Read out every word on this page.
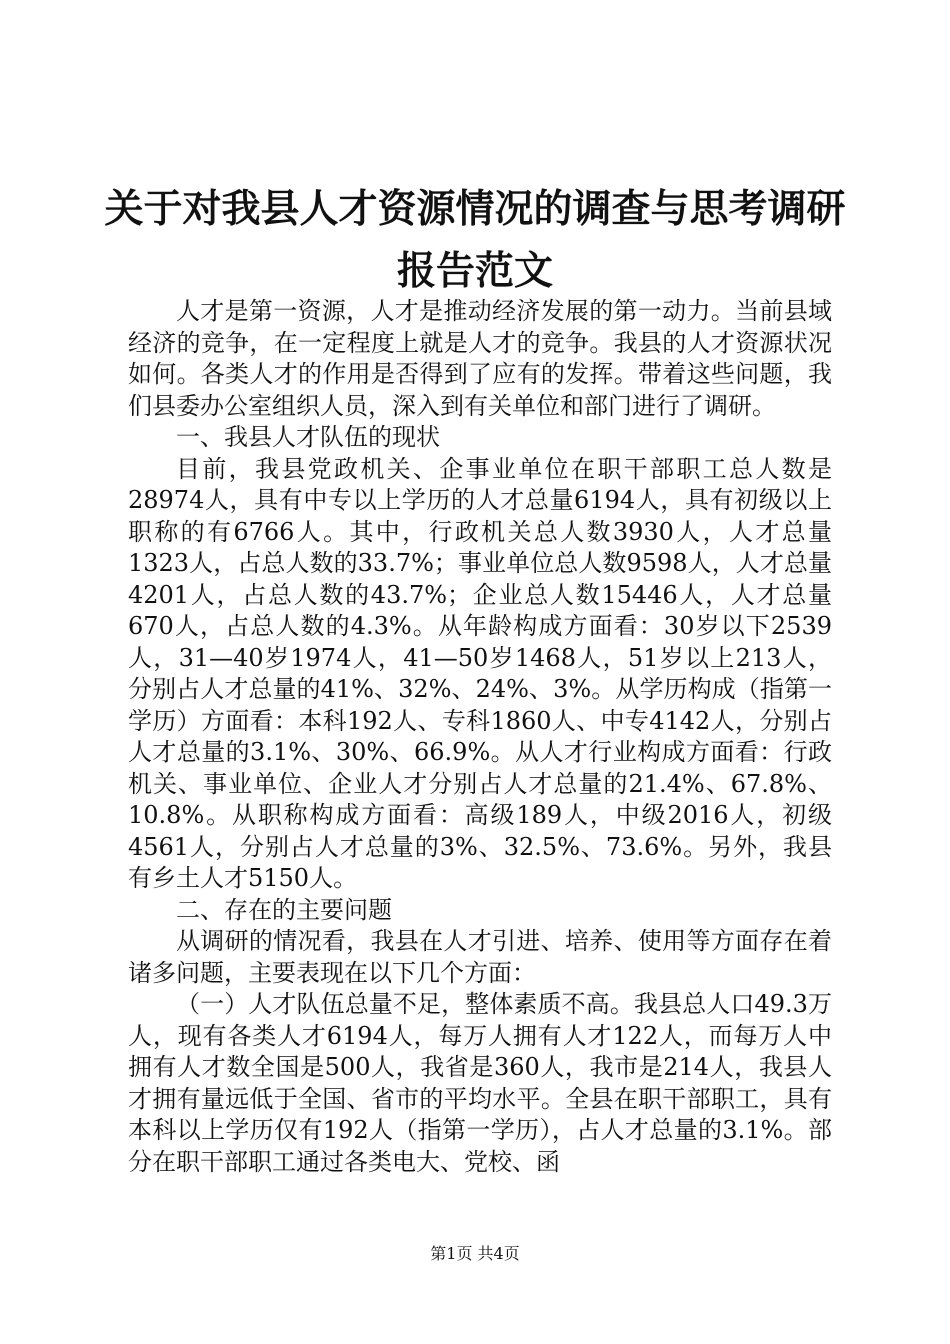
关于对我县人才资源情况的调查与思考调研报告范文

人才是第一资源，人才是推动经济发展的第一动力。当前县域经济的竞争，在一定程度上就是人才的竞争。我县的人才资源状况如何。各类人才的作用是否得到了应有的发挥。带着这些问题，我们县委办公室组织人员，深入到有关单位和部门进行了调研。

一、我县人才队伍的现状

目前，我县党政机关、企事业单位在职干部职工总人数是28974人，具有中专以上学历的人才总量6194人，具有初级以上职称的有6766人。其中，行政机关总人数3930人，人才总量1323人，占总人数的33.7%；事业单位总人数9598人，人才总量4201人，占总人数的43.7%；企业总人数15446人，人才总量670人，占总人数的4.3%。从年龄构成方面看：30岁以下2539人，31—40岁1974人，41—50岁1468人，51岁以上213人，分别占人才总量的41%、32%、24%、3%。从学历构成（指第一学历）方面看：本科192人、专科1860人、中专4142人，分别占人才总量的3.1%、30%、66.9%。从人才行业构成方面看：行政机关、事业单位、企业人才分别占人才总量的21.4%、67.8%、10.8%。从职称构成方面看：高级189人，中级2016人，初级4561人，分别占人才总量的3%、32.5%、73.6%。另外，我县有乡土人才5150人。

二、存在的主要问题

从调研的情况看，我县在人才引进、培养、使用等方面存在着诸多问题，主要表现在以下几个方面：

（一）人才队伍总量不足，整体素质不高。我县总人口49.3万人，现有各类人才6194人，每万人拥有人才122人，而每万人中拥有人才数全国是500人，我省是360人，我市是214人，我县人才拥有量远低于全国、省市的平均水平。全县在职干部职工，具有本科以上学历仅有192人（指第一学历），占人才总量的3.1%。部分在职干部职工通过各类电大、党校、函

第1页 共4页
